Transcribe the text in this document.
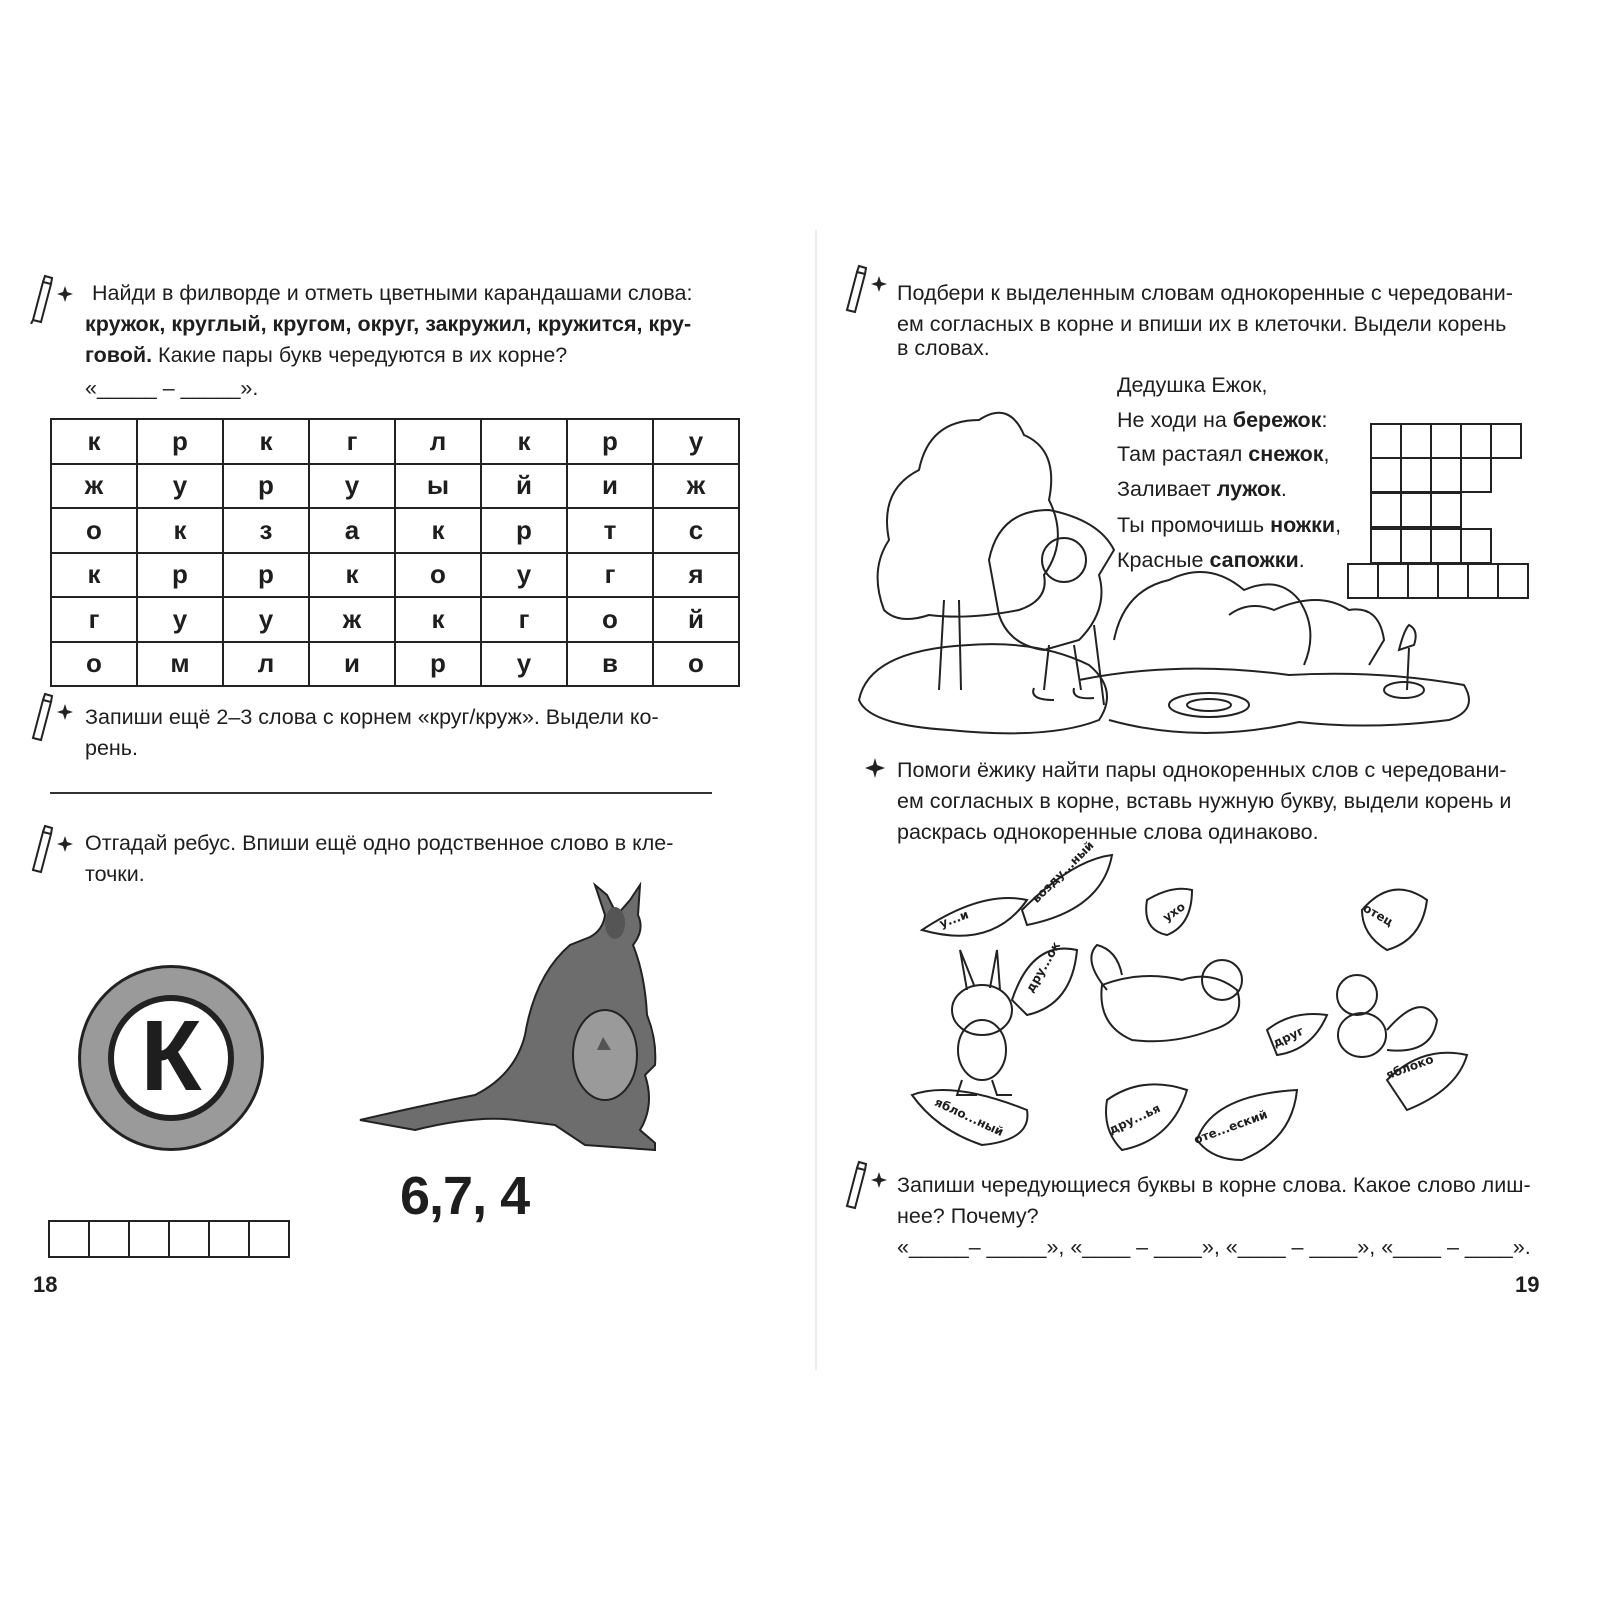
Найди в филворде и отметь цветными карандашами слова:
кружок, круглый, кругом, округ, закружил, кружится, кру-
говой. Какие пары букв чередуются в их корне?
«_____ – _____».
к	р	к	г	л	к	р	у
ж	у	р	у	ы	й	и	ж
о	к	з	а	к	р	т	с
к	р	р	к	о	у	г	я
г	у	у	ж	к	г	о	й
о	м	л	и	р	у	в	о
Запиши ещё 2–3 слова с корнем «круг/круж». Выдели ко-
рень.
Отгадай ребус. Впиши ещё одно родственное слово в кле-
точки.
К
6,7, 4
18
Подбери к выделенным словам однокоренные с чередовани-
ем согласных в корне и впиши их в клеточки. Выдели корень
в словах.
Дедушка Ежок,
Не ходи на бережок:
Там растаял снежок,
Заливает лужок.
Ты промочишь ножки,
Красные сапожки.
Помоги ёжику найти пары однокоренных слов с чередовани-
ем согласных в корне, вставь нужную букву, выдели корень и
раскрась однокоренные слова одинаково.
у...и
возду...ный
ухо	отец
дру...ок
друг
яблоко
ябло...ный	дру...ья оте...еский
Запиши чередующиеся буквы в корне слова. Какое слово лиш-
нее? Почему?
«_____– _____», «____ – ____», «____ – ____», «____ – ____».
19
